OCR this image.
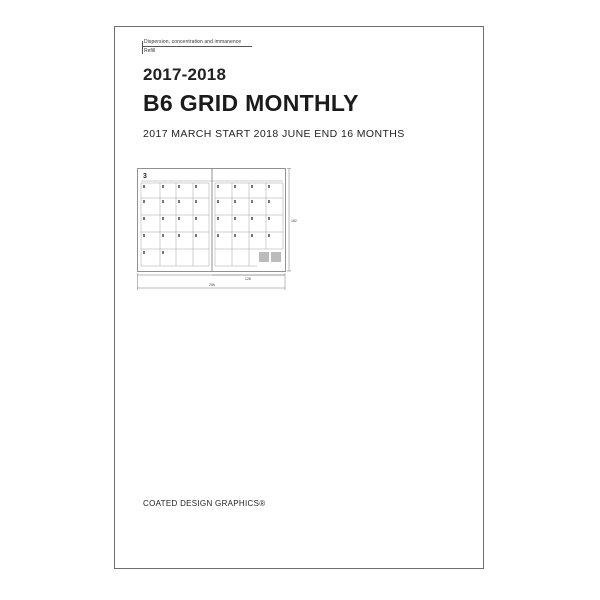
Dispersion, concentration and immanence
Refill
2017-2018
B6 GRID MONTHLY
2017 MARCH START 2018 JUNE END 16 MONTHS
3
182
128
256
COATED DESIGN GRAPHICS®
